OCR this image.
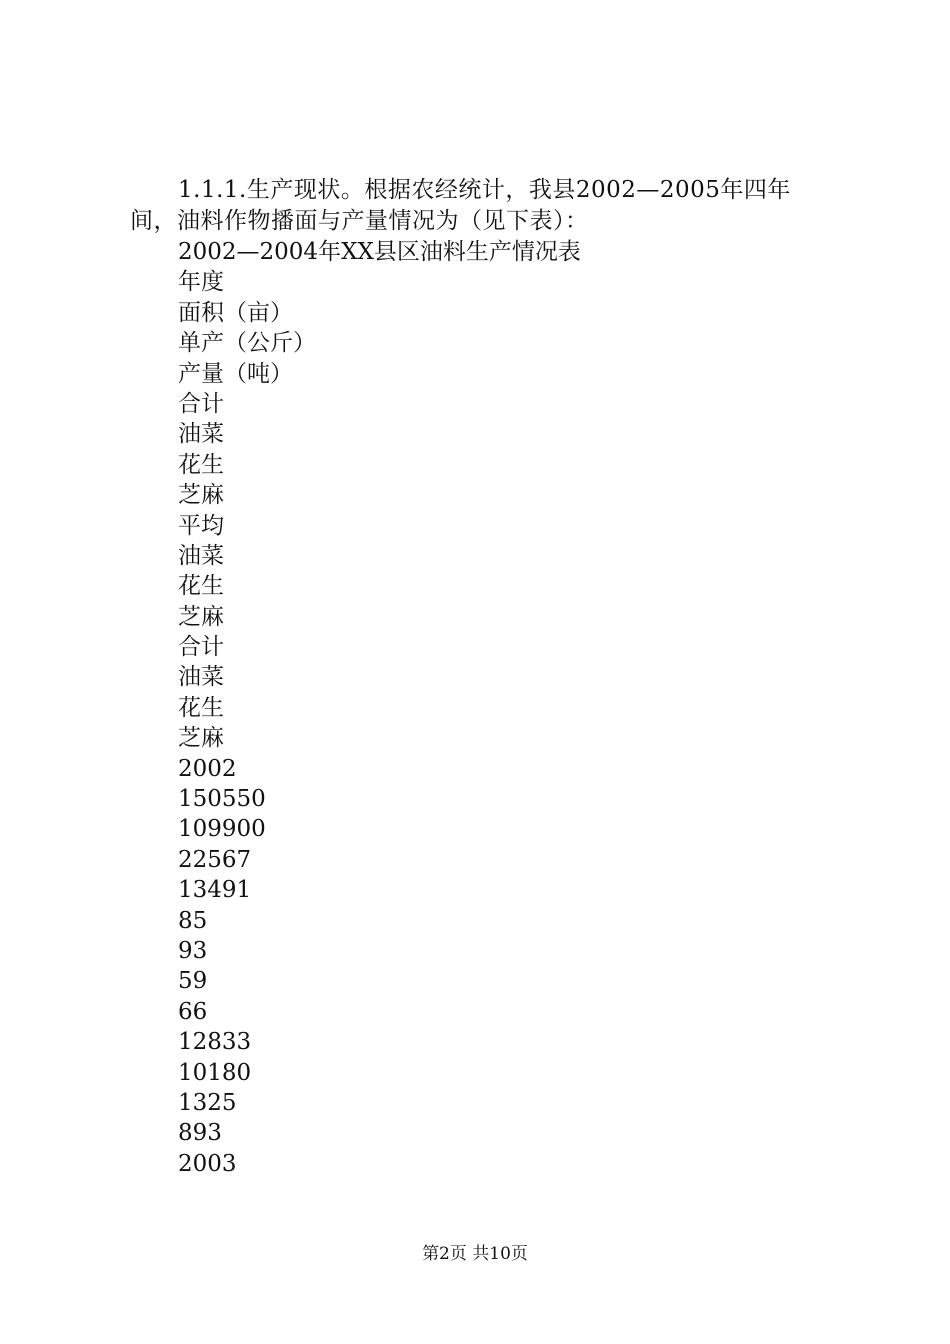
1.1.1.生产现状。根据农经统计，我县2002—2005年四年间，油料作物播面与产量情况为（见下表）：

2002—2004年XX县区油料生产情况表
年度
面积（亩）
单产（公斤）
产量（吨）
合计
油菜
花生
芝麻
平均
油菜
花生
芝麻
合计
油菜
花生
芝麻
2002
150550
109900
22567
13491
85
93
59
66
12833
10180
1325
893
2003
第2页 共10页
